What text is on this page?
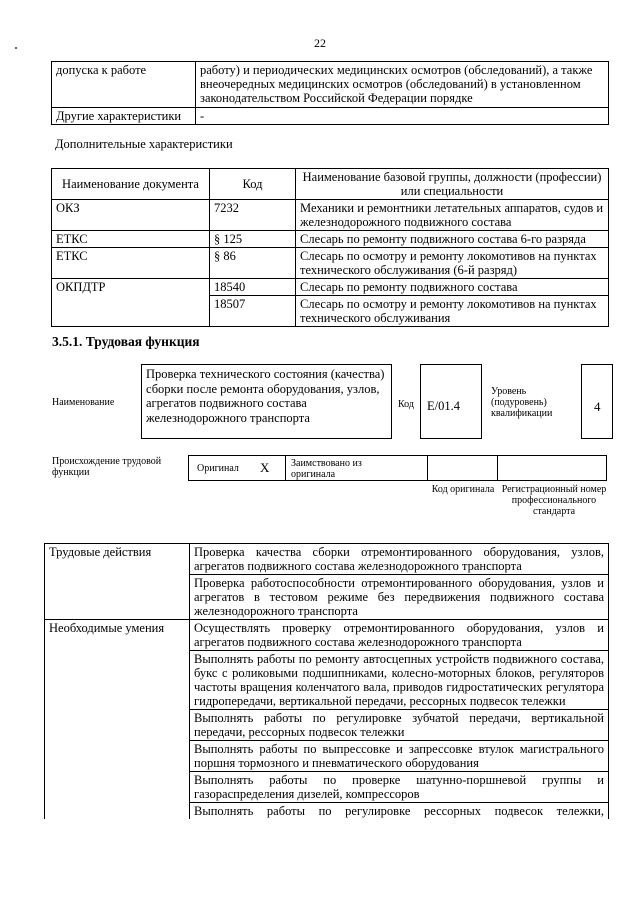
22
допуска к работе	работу) и периодических медицинских осмотров (обследований), а также внеочередных медицинских осмотров (обследований) в установленном законодательством Российской Федерации порядке
Другие характеристики	-
Дополнительные характеристики
Наименование документа	Код	Наименование базовой группы, должности (профессии) или специальности
ОКЗ	7232	Механики и ремонтники летательных аппаратов, судов и железнодорожного подвижного состава
ЕТКС	§ 125	Слесарь по ремонту подвижного состава 6-го разряда
ЕТКС	§ 86	Слесарь по осмотру и ремонту локомотивов на пунктах технического обслуживания (6-й разряд)
ОКПДТР	18540	Слесарь по ремонту подвижного состава
	18507	Слесарь по осмотру и ремонту локомотивов на пунктах технического обслуживания
3.5.1. Трудовая функция
Наименование
Проверка технического состояния (качества) сборки после ремонта оборудования, узлов, агрегатов подвижного состава железнодорожного транспорта
Код E/01.4
Уровень (подуровень) квалификации	4
Происхождение трудовой функции	Оригинал X Заимствовано из оригинала
Код оригинала Регистрационный номер профессионального стандарта
Трудовые действия	Проверка качества сборки отремонтированного оборудования, узлов, агрегатов подвижного состава железнодорожного транспорта
	Проверка работоспособности отремонтированного оборудования, узлов и агрегатов в тестовом режиме без передвижения подвижного состава железнодорожного транспорта
Необходимые умения	Осуществлять проверку отремонтированного оборудования, узлов и агрегатов подвижного состава железнодорожного транспорта
	Выполнять работы по ремонту автосцепных устройств подвижного состава, букс с роликовыми подшипниками, колесно-моторных блоков, регуляторов частоты вращения коленчатого вала, приводов гидростатических регулятора гидропередачи, вертикальной передачи, рессорных подвесок тележки
	Выполнять работы по регулировке зубчатой передачи, вертикальной передачи, рессорных подвесок тележки
	Выполнять работы по выпрессовке и запрессовке втулок магистрального поршня тормозного и пневматического оборудования
	Выполнять работы по проверке шатунно-поршневой группы и газораспределения дизелей, компрессоров
	Выполнять работы по регулировке рессорных подвесок тележки,
